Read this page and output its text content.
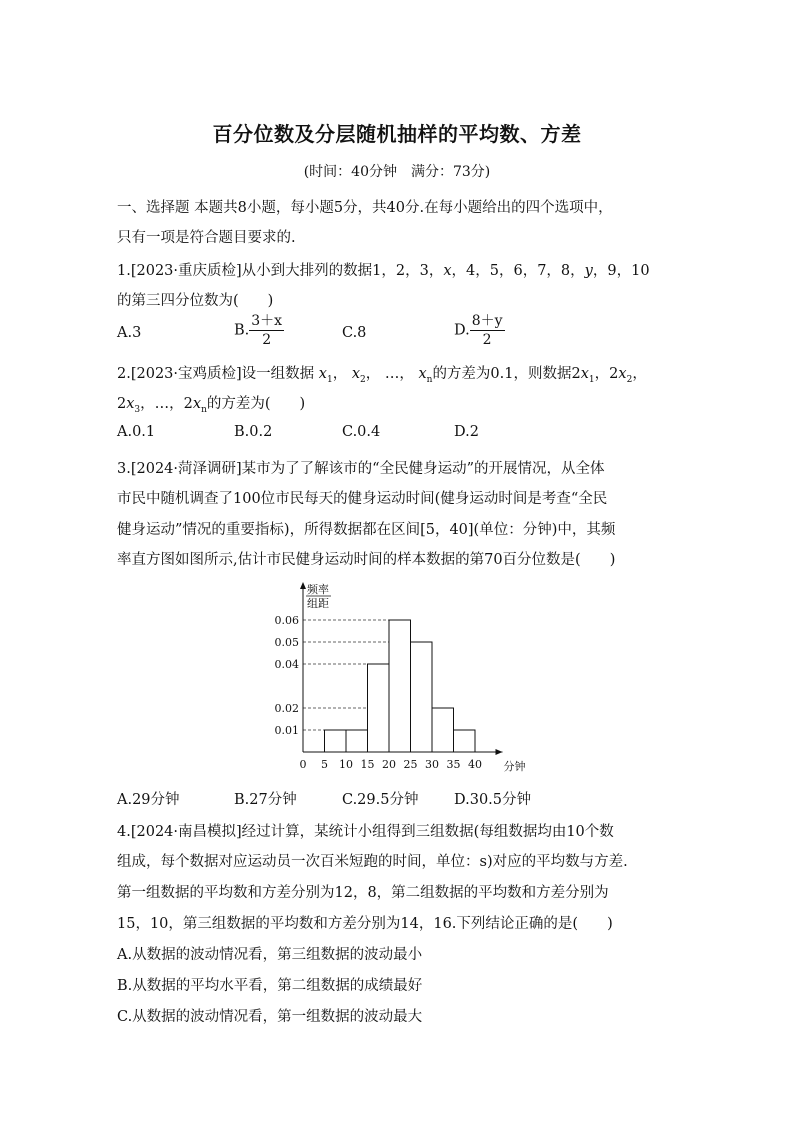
百分位数及分层随机抽样的平均数、方差
(时间：40分钟　满分：73分)
一、选择题 本题共8小题，每小题5分，共40分.在每小题给出的四个选项中，
只有一项是符合题目要求的.
1.[2023·重庆质检]从小到大排列的数据1，2，3，x，4，5，6，7，8，y，9，10
的第三四分位数为(　　)
A.3	B. $\frac{3+x}{2}$	C.8	D. $\frac{8+y}{2}$
2.[2023·宝鸡质检]设一组数据 $x_1$， $x_2$， …， $x_n$的方差为0.1，则数据$2x_1$，$2x_2$，
$2x_3$，…，$2x_n$的方差为(　　)
A.0.1	B.0.2	C.0.4	D.2
3.[2024·菏泽调研]某市为了了解该市的“全民健身运动”的开展情况，从全体
市民中随机调查了100位市民每天的健身运动时间(健身运动时间是考查“全民
健身运动”情况的重要指标)，所得数据都在区间[5，40](单位：分钟)中，其频
率直方图如图所示,估计市民健身运动时间的样本数据的第70百分位数是(　　)
0.01
0.02
0.04
0.05
0.06
0 5 10 15 20 25 30 35 40 分钟
频率
组距
A.29分钟	B.27分钟	C.29.5分钟 D.30.5分钟
4.[2024·南昌模拟]经过计算，某统计小组得到三组数据(每组数据均由10个数
组成，每个数据对应运动员一次百米短跑的时间，单位：s)对应的平均数与方差.
第一组数据的平均数和方差分别为12，8，第二组数据的平均数和方差分别为
15，10，第三组数据的平均数和方差分别为14，16.下列结论正确的是(　　)
A.从数据的波动情况看，第三组数据的波动最小
B.从数据的平均水平看，第二组数据的成绩最好
C.从数据的波动情况看，第一组数据的波动最大
